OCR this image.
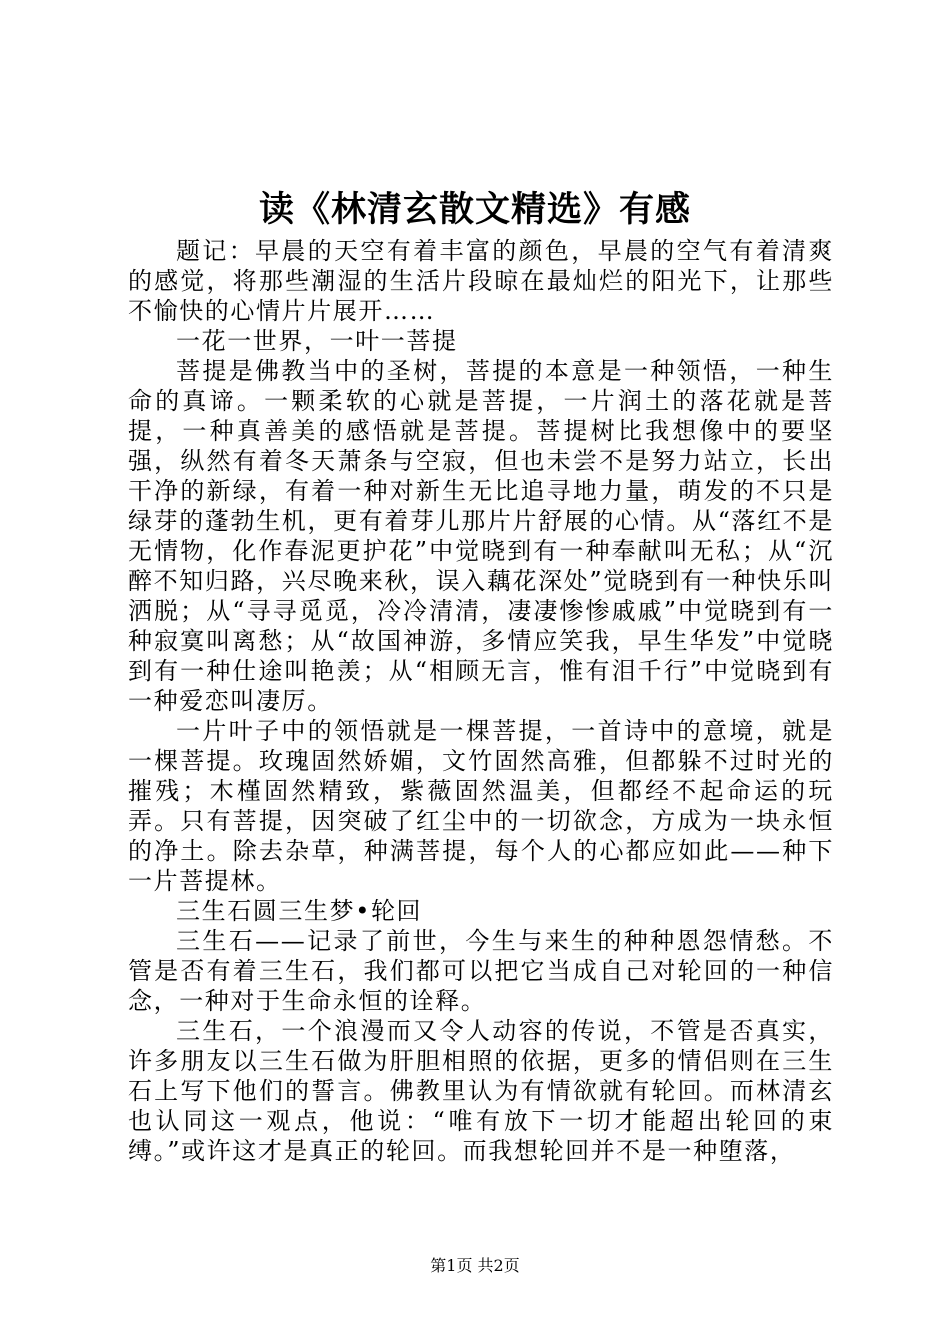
读《林清玄散文精选》有感

题记：早晨的天空有着丰富的颜色，早晨的空气有着清爽的感觉，将那些潮湿的生活片段晾在最灿烂的阳光下，让那些不愉快的心情片片展开……

一花一世界，一叶一菩提

菩提是佛教当中的圣树，菩提的本意是一种领悟，一种生命的真谛。一颗柔软的心就是菩提，一片润土的落花就是菩提，一种真善美的感悟就是菩提。菩提树比我想像中的要坚强，纵然有着冬天萧条与空寂，但也未尝不是努力站立，长出干净的新绿，有着一种对新生无比追寻地力量，萌发的不只是绿芽的蓬勃生机，更有着芽儿那片片舒展的心情。从“落红不是无情物，化作春泥更护花”中觉晓到有一种奉献叫无私；从“沉醉不知归路，兴尽晚来秋，误入藕花深处”觉晓到有一种快乐叫洒脱；从“寻寻觅觅，冷冷清清，凄凄惨惨戚戚”中觉晓到有一种寂寞叫离愁；从“故国神游，多情应笑我，早生华发”中觉晓到有一种仕途叫艳羡；从“相顾无言，惟有泪千行”中觉晓到有一种爱恋叫凄厉。

一片叶子中的领悟就是一棵菩提，一首诗中的意境，就是一棵菩提。玫瑰固然娇媚，文竹固然高雅，但都躲不过时光的摧残；木槿固然精致，紫薇固然温美，但都经不起命运的玩弄。只有菩提，因突破了红尘中的一切欲念，方成为一块永恒的净土。除去杂草，种满菩提，每个人的心都应如此——种下一片菩提林。

三生石圆三生梦•轮回

三生石——记录了前世，今生与来生的种种恩怨情愁。不管是否有着三生石，我们都可以把它当成自己对轮回的一种信念，一种对于生命永恒的诠释。

三生石，一个浪漫而又令人动容的传说，不管是否真实，许多朋友以三生石做为肝胆相照的依据，更多的情侣则在三生石上写下他们的誓言。佛教里认为有情欲就有轮回。而林清玄也认同这一观点，他说：“唯有放下一切才能超出轮回的束缚。”或许这才是真正的轮回。而我想轮回并不是一种堕落，

第1页 共2页
